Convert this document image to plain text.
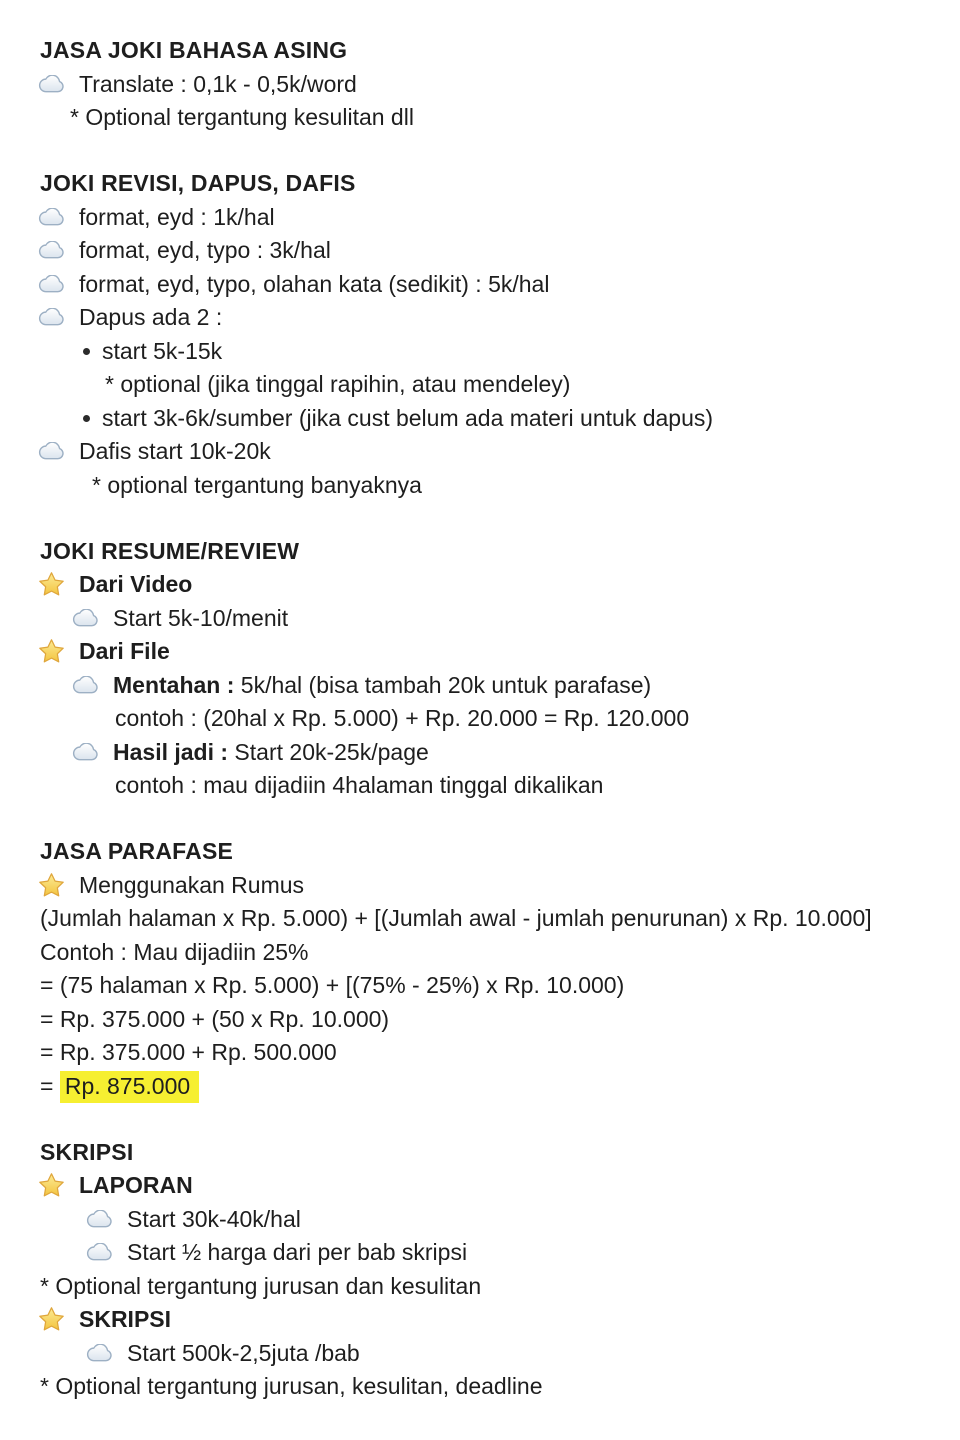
JASA JOKI BAHASA ASING
Translate : 0,1k - 0,5k/word
* Optional tergantung kesulitan dll
JOKI REVISI, DAPUS, DAFIS
format, eyd : 1k/hal
format, eyd, typo : 3k/hal
format, eyd, typo, olahan kata (sedikit) : 5k/hal
Dapus ada 2 :
start 5k-15k
* optional (jika tinggal rapihin, atau mendeley)
start 3k-6k/sumber (jika cust belum ada materi untuk dapus)
Dafis start 10k-20k
* optional tergantung banyaknya
JOKI RESUME/REVIEW
Dari Video
Start 5k-10/menit
Dari File
Mentahan : 5k/hal (bisa tambah 20k untuk parafase)
contoh : (20hal x Rp. 5.000) + Rp. 20.000 = Rp. 120.000
Hasil jadi : Start 20k-25k/page
contoh : mau dijadiin 4halaman tinggal dikalikan
JASA PARAFASE
Menggunakan Rumus
(Jumlah halaman x Rp. 5.000) + [(Jumlah awal - jumlah penurunan) x Rp. 10.000]
Contoh : Mau dijadiin 25%
= (75 halaman x Rp. 5.000) + [(75% - 25%) x Rp. 10.000)
= Rp. 375.000 + (50 x Rp. 10.000)
= Rp. 375.000 + Rp. 500.000
= Rp. 875.000
SKRIPSI
LAPORAN
Start 30k-40k/hal
Start ½ harga dari per bab skripsi
* Optional tergantung jurusan dan kesulitan
SKRIPSI
Start 500k-2,5juta /bab
* Optional tergantung jurusan, kesulitan, deadline
